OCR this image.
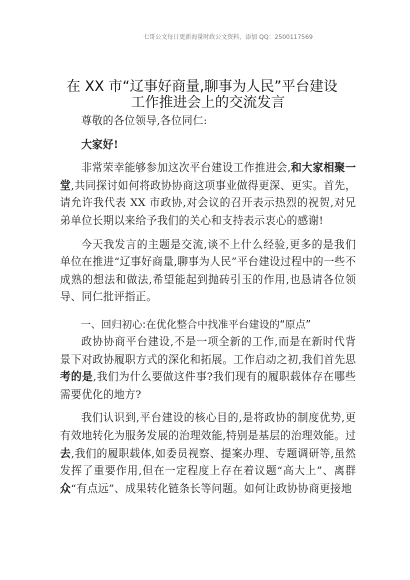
七哥公文每日更新海量时政公文资料，添加 QQ：2500117569
在 XX 市“辽事好商量,聊事为人民”平台建设
工作推进会上的交流发言

尊敬的各位领导,各位同仁:

大家好!

非常荣幸能够参加这次平台建设工作推进会,和大家相聚一堂,共同探讨如何将政协协商这项事业做得更深、更实。首先，请允许我代表 XX 市政协,对会议的召开表示热烈的祝贺,对兄弟单位长期以来给予我们的关心和支持表示衷心的感谢!

今天我发言的主题是交流,谈不上什么经验,更多的是我们单位在推进“辽事好商量,聊事为人民”平台建设过程中的一些不成熟的想法和做法,希望能起到抛砖引玉的作用,也恳请各位领导、同仁批评指正。

一、回归初心:在优化整合中找准平台建设的“原点”

政协协商平台建设,不是一项全新的工作,而是在新时代背景下对政协履职方式的深化和拓展。工作启动之初,我们首先思考的是,我们为什么要做这件事?我们现有的履职载体存在哪些需要优化的地方?

我们认识到,平台建设的核心目的,是将政协的制度优势,更有效地转化为服务发展的治理效能,特别是基层的治理效能。过去,我们的履职载体,如委员视察、提案办理、专题调研等,虽然发挥了重要作用,但在一定程度上存在着议题“高大上”、离群众“有点远”、成果转化链条长等问题。如何让政协协商更接地
